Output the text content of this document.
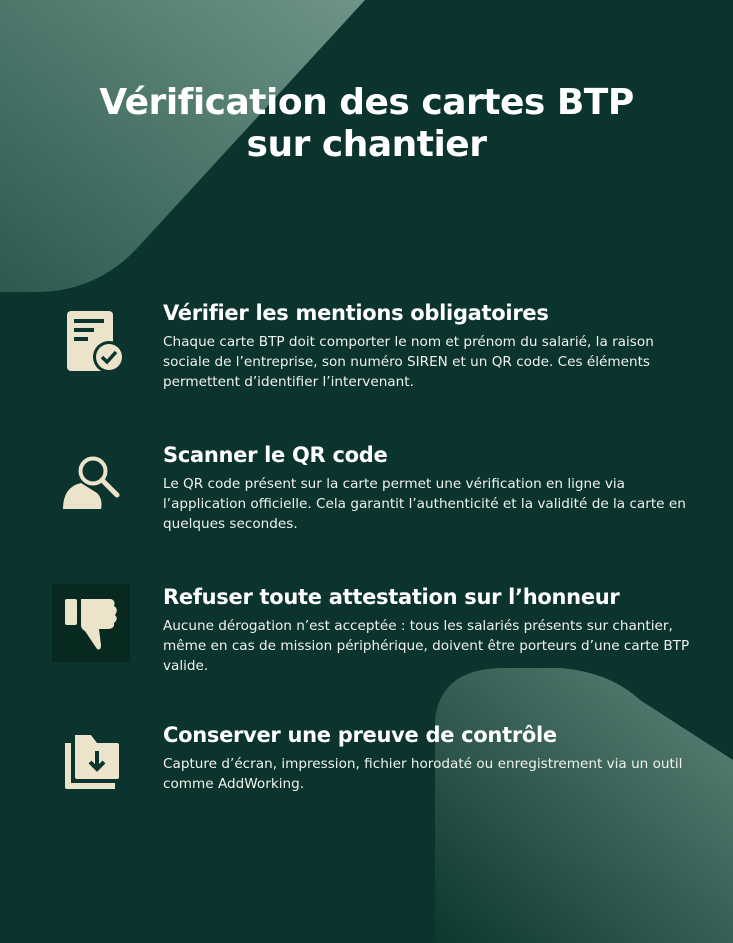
Vérification des cartes BTP
sur chantier
Vérifier les mentions obligatoires

Chaque carte BTP doit comporter le nom et prénom du salarié, la raison sociale de l’entreprise, son numéro SIREN et un QR code. Ces éléments permettent d’identifier l’intervenant.

Scanner le QR code

Le QR code présent sur la carte permet une vérification en ligne via l’application officielle. Cela garantit l’authenticité et la validité de la carte en quelques secondes.

Refuser toute attestation sur l’honneur

Aucune dérogation n’est acceptée : tous les salariés présents sur chantier, même en cas de mission périphérique, doivent être porteurs d’une carte BTP valide.

Conserver une preuve de contrôle

Capture d’écran, impression, fichier horodaté ou enregistrement via un outil comme AddWorking.
